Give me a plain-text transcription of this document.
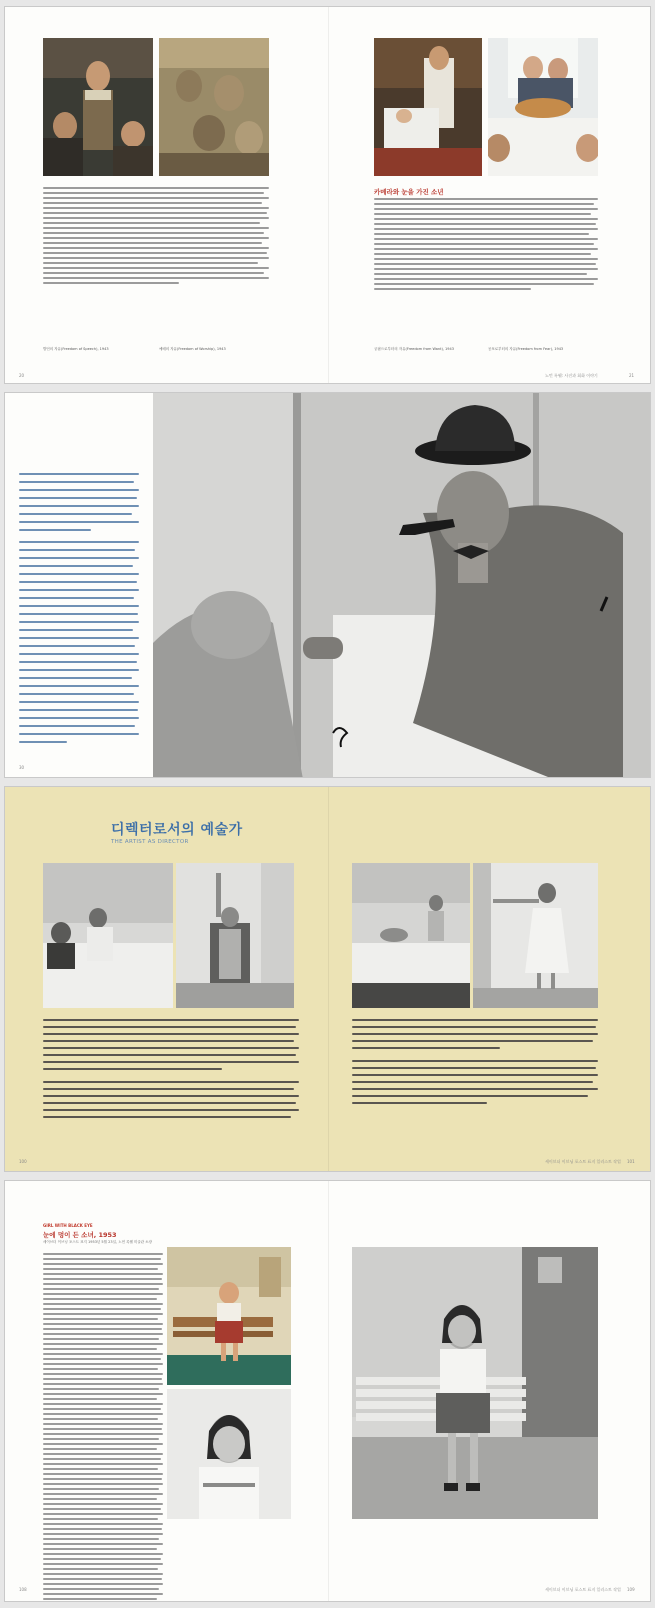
카메라와 눈을 가진 소년
발언의 자유(Freedom of Speech), 1943	예배의 자유(Freedom of Worship), 1943	궁핍으로부터의 자유(Freedom from Want), 1943	공포로부터의 자유(Freedom from Fear), 1943
20	노먼 록웰: 사진과 회화 이야기	21
30
디렉터로서의 예술가
THE ARTIST AS DIRECTOR
100	세이브더 이브닝 포스트 표지 일러스트 작업 101
GIRL WITH BLACK EYE
눈에 멍이 든 소녀, 1953
세이브더 이브닝 포스트 표지 1953년 5월 23일, 노먼 록웰 미술관 소장
108	세이브더 이브닝 포스트 표지 일러스트 작업 109
